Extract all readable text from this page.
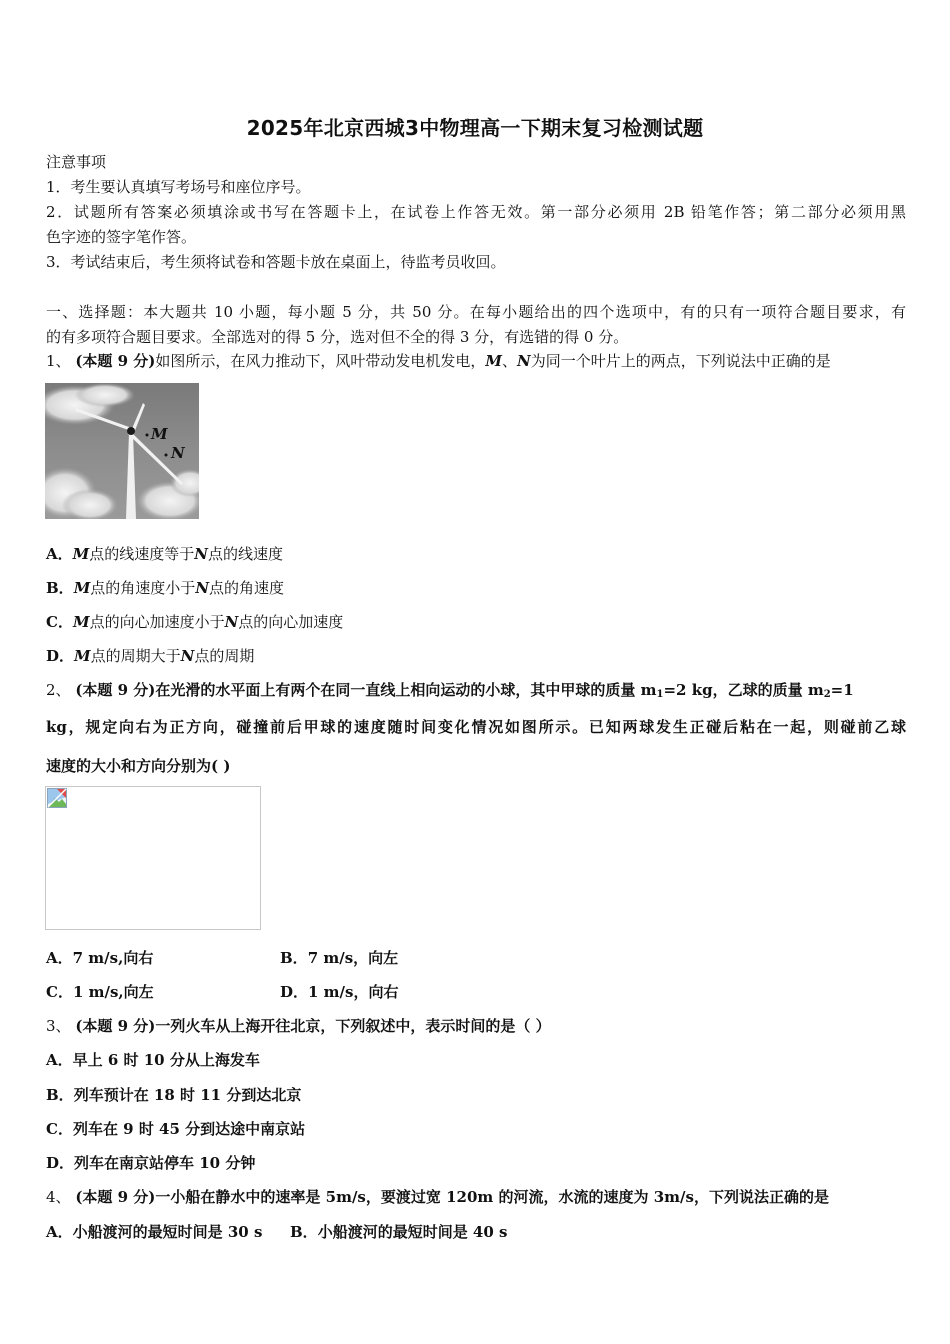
2025年北京西城3中物理高一下期末复习检测试题
注意事项
1．考生要认真填写考场号和座位序号。
2．试题所有答案必须填涂或书写在答题卡上，在试卷上作答无效。第一部分必须用 2B 铅笔作答；第二部分必须用黑
色字迹的签字笔作答。
3．考试结束后，考生须将试卷和答题卡放在桌面上，待监考员收回。
一、选择题：本大题共 10 小题，每小题 5 分，共 50 分。在每小题给出的四个选项中，有的只有一项符合题目要求，有
的有多项符合题目要求。全部选对的得 5 分，选对但不全的得 3 分，有选错的得 0 分。
1、 (本题 9 分)如图所示，在风力推动下，风叶带动发电机发电，M、N为同一个叶片上的两点，下列说法中正确的是
M
N
A．M点的线速度等于N点的线速度
B．M点的角速度小于N点的角速度
C．M点的向心加速度小于N点的向心加速度
D．M点的周期大于N点的周期
2、 (本题 9 分)在光滑的水平面上有两个在同一直线上相向运动的小球，其中甲球的质量 $m_1=2$ kg，乙球的质量 $m_2=1$
kg，规定向右为正方向，碰撞前后甲球的速度随时间变化情况如图所示。已知两球发生正碰后粘在一起，则碰前乙球
速度的大小和方向分别为( )
A．7 m/s,向右	B．7 m/s，向左
C．1 m/s,向左	D．1 m/s，向右
3、 (本题 9 分)一列火车从上海开往北京，下列叙述中，表示时间的是（ ）
A．早上 6 时 10 分从上海发车
B．列车预计在 18 时 11 分到达北京
C．列车在 9 时 45 分到达途中南京站
D．列车在南京站停车 10 分钟
4、 (本题 9 分)一小船在静水中的速率是 5m/s，要渡过宽 120m 的河流，水流的速度为 3m/s，下列说法正确的是
A．小船渡河的最短时间是 30 s B．小船渡河的最短时间是 40 s
